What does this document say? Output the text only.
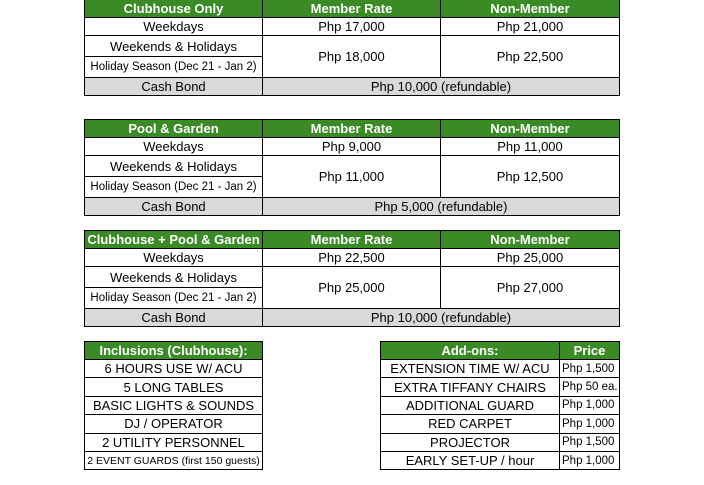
Clubhouse Only	Member Rate	Non-Member
Weekdays	Php 17,000	Php 21,000
Weekends & Holidays	Php 18,000	Php 22,500
Holiday Season (Dec 21 - Jan 2)		
Cash Bond	Php 10,000 (refundable)	
Pool & Garden	Member Rate	Non-Member
Weekdays	Php 9,000	Php 11,000
Weekends & Holidays	Php 11,000	Php 12,500
Holiday Season (Dec 21 - Jan 2)		
Cash Bond	Php 5,000 (refundable)	
Clubhouse + Pool & Garden	Member Rate	Non-Member
Weekdays	Php 22,500	Php 25,000
Weekends & Holidays	Php 25,000	Php 27,000
Holiday Season (Dec 21 - Jan 2)		
Cash Bond	Php 10,000 (refundable)	
Inclusions (Clubhouse):
6 HOURS USE W/ ACU
5 LONG TABLES
BASIC LIGHTS & SOUNDS
DJ / OPERATOR
2 UTILITY PERSONNEL
2 EVENT GUARDS (first 150 guests)
Add-ons:	Price
EXTENSION TIME W/ ACU	Php 1,500
EXTRA TIFFANY CHAIRS	Php 50 ea.
ADDITIONAL GUARD	Php 1,000
RED CARPET	Php 1,000
PROJECTOR	Php 1,500
EARLY SET-UP / hour	Php 1,000
